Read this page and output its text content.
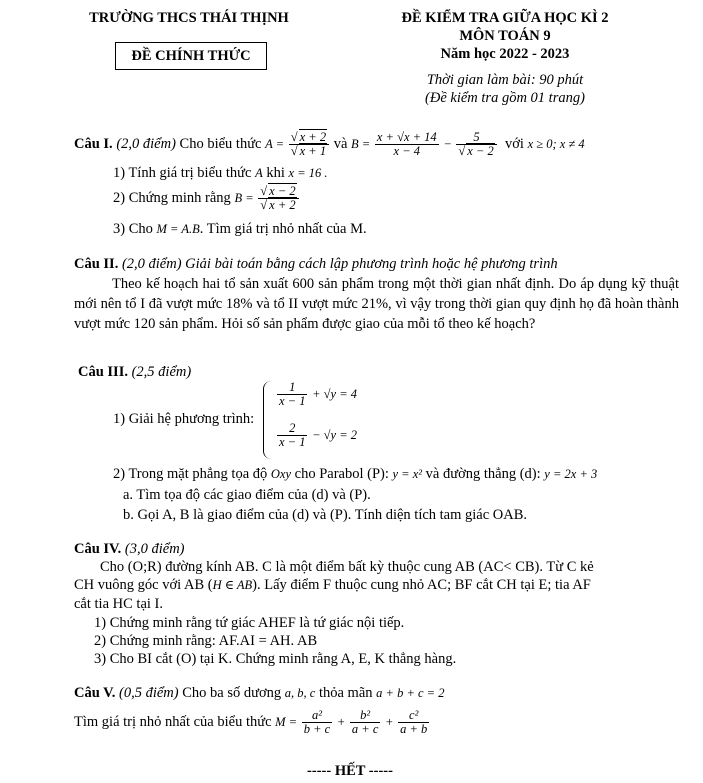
TRƯỜNG THCS THÁI THỊNH
ĐỀ CHÍNH THỨC
ĐỀ KIỂM TRA GIỮA HỌC KÌ 2
MÔN TOÁN 9
Năm học 2022 - 2023
Thời gian làm bài: 90 phút
(Đề kiểm tra gồm 01 trang)
Câu I. (2,0 điểm) Cho biểu thức $A = \frac{√ x + 2}{√ x + 1}$ và $B = \frac{x + √x + 14}{x - 4} - \frac{5}{√ x - 2}$ với x ≥ 0; x ≠ 4
1) Tính giá trị biểu thức A khi x = 16 .
2) Chứng minh rằng $B = \frac{√ x - 2}{√ x + 2}$
3) Cho M = A.B. Tìm giá trị nhỏ nhất của M.
Câu II. (2,0 điểm) Giải bài toán bằng cách lập phương trình hoặc hệ phương trình
Theo kế hoạch hai tổ sản xuất 600 sản phẩm trong một thời gian nhất định. Do áp dụng kỹ thuật mới nên tổ I đã vượt mức 18% và tổ II vượt mức 21%, vì vậy trong thời gian quy định họ đã hoàn thành vượt mức 120 sản phẩm. Hỏi số sản phẩm được giao của mỗi tổ theo kế hoạch?
Câu III. (2,5 điểm)
1) Giải hệ phương trình:
$\frac{1}{x - 1} + √y = 4$
$\frac{2}{x - 1} - √y = 2$
2) Trong mặt phẳng tọa độ Oxy cho Parabol (P): y = x² và đường thẳng (d): y = 2x + 3
a. Tìm tọa độ các giao điểm của (d) và (P).
b. Gọi A, B là giao điểm của (d) và (P). Tính diện tích tam giác OAB.
Câu IV. (3,0 điểm)
Cho (O;R) đường kính AB. C là một điểm bất kỳ thuộc cung AB (AC< CB). Từ C kẻ
CH vuông góc với AB (H ∈ AB). Lấy điểm F thuộc cung nhỏ AC; BF cắt CH tại E; tia AF
cắt tia HC tại I.
1) Chứng minh rằng tứ giác AHEF là tứ giác nội tiếp.
2) Chứng minh rằng: AF.AI = AH. AB
3) Cho BI cắt (O) tại K. Chứng minh rằng A, E, K thẳng hàng.
Câu V. (0,5 điểm) Cho ba số dương a, b, c thỏa mãn a + b + c = 2
Tìm giá trị nhỏ nhất của biểu thức $M = \frac{\text{a²}}{b + c} + \frac{\text{b²}}{a + c} + \frac{\text{c²}}{a + b}$
----- HẾT -----
